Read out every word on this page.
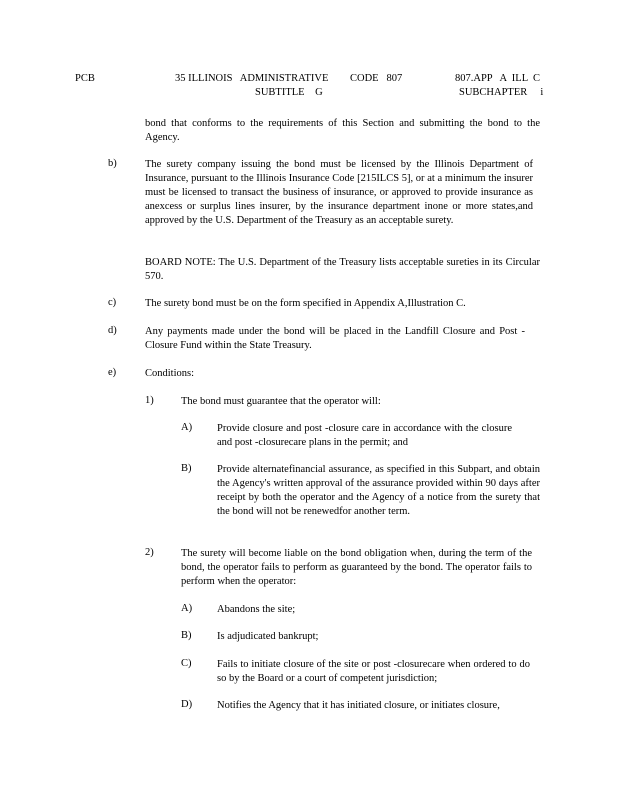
PCB	35 ILLINOIS   ADMINISTRATIVE
SUBTITLE    G
CODE   807	807.APP   A  ILL  C
SUBCHAPTER     i
bond that conforms to the requirements of this Section and submitting the bond to the Agency.
b)	The surety company issuing the bond must be licensed by the Illinois Department of Insurance, pursuant to the Illinois Insurance Code [215ILCS 5], or at a minimum the insurer must be licensed to transact the business of insurance, or approved to provide insurance as anexcess or surplus lines insurer, by the insurance department inone or more states,and approved by the U.S. Department of the Treasury as an acceptable surety.
BOARD NOTE: The U.S. Department of the Treasury lists acceptable sureties in its Circular 570.
c)	The surety bond must be on the form specified in Appendix A,Illustration C.
d)	Any payments made under the bond will be placed in the Landfill Closure and Post -Closure Fund within the State Treasury.
e)	Conditions:
1)	The bond must guarantee that the operator will:
A) Provide closure and post -closure care in accordance with the closure and post -closurecare plans in the permit; and
B) Provide alternatefinancial assurance, as specified in this Subpart, and obtain the Agency's written approval of the assurance provided within 90 days after receipt by both the operator and the Agency of a notice from the surety that the bond will not be renewedfor another term.
2)	The surety will become liable on the bond obligation when, during the term of the bond, the operator fails to perform as guaranteed by the bond. The operator fails to perform when the operator:
A) Abandons the site;
B) Is adjudicated bankrupt;
C) Fails to initiate closure of the site or post -closurecare when ordered to do so by the Board or a court of competent jurisdiction;
D) Notifies the Agency that it has initiated closure, or initiates closure,
